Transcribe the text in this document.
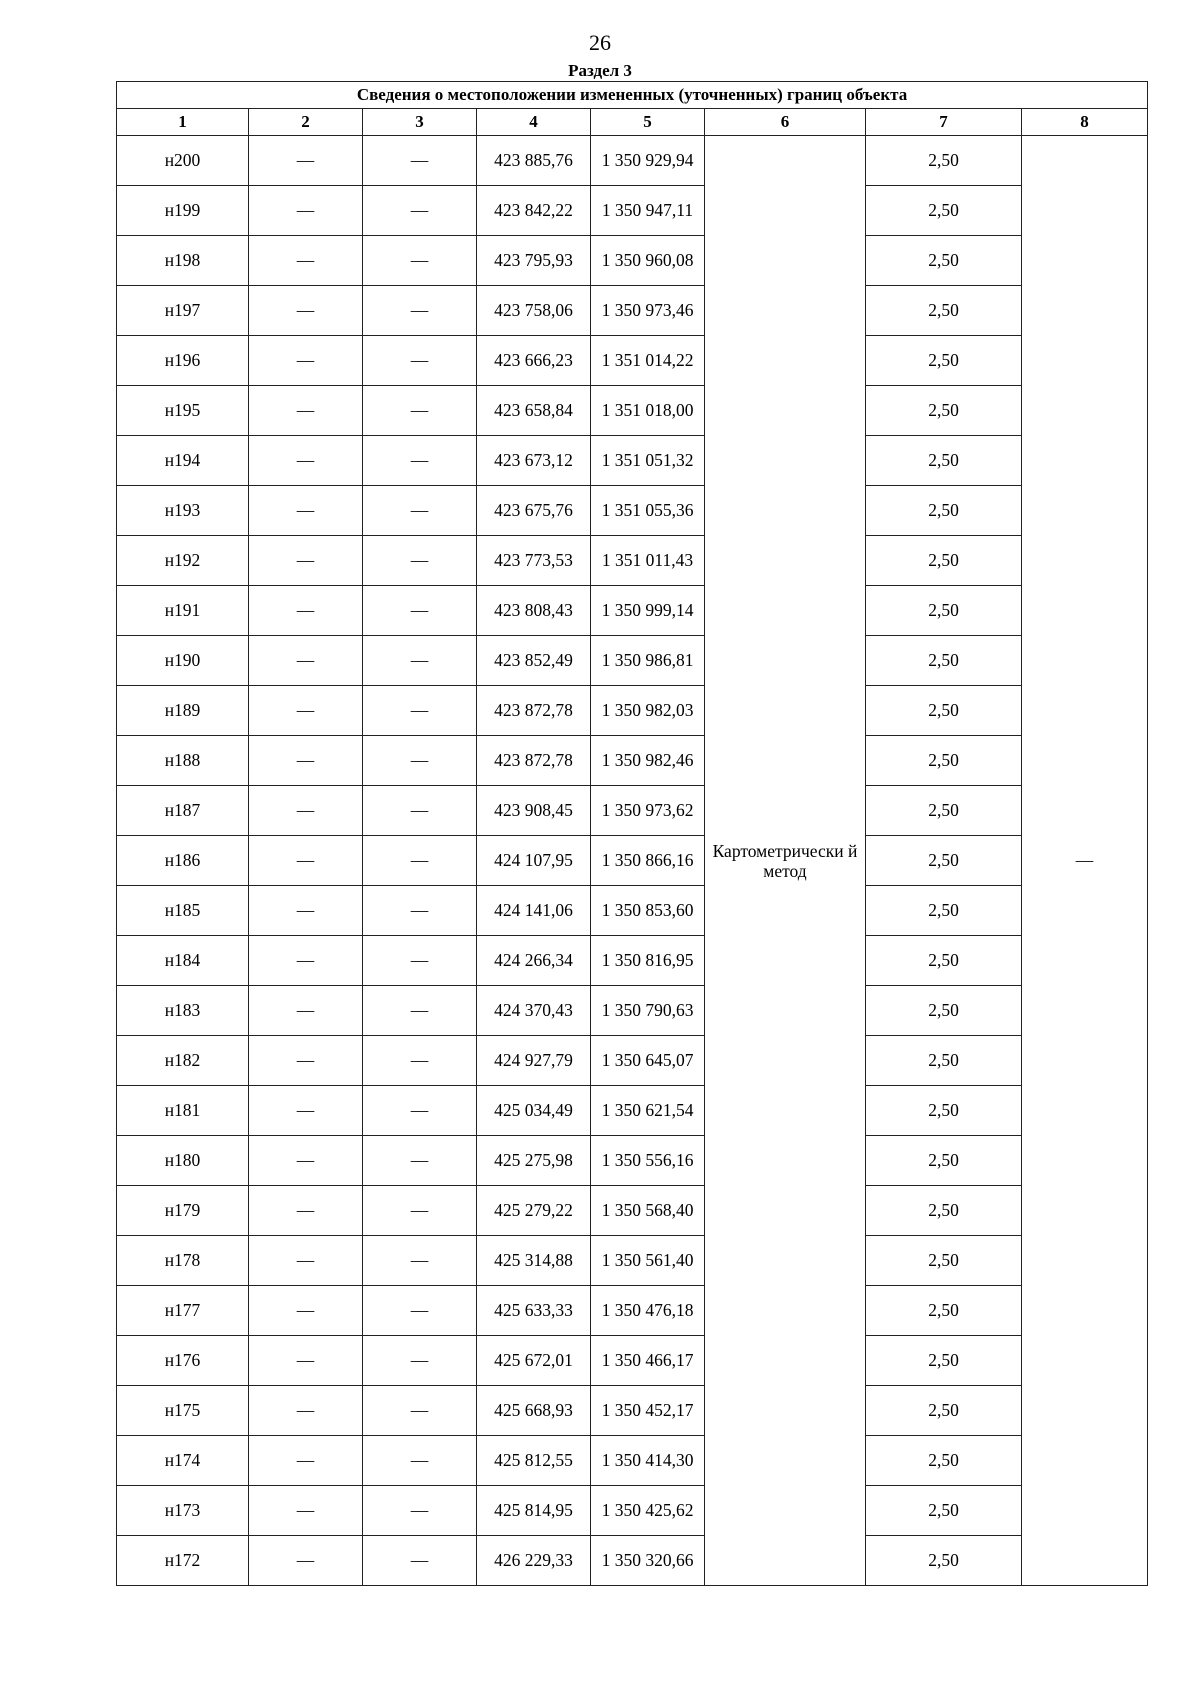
26
Раздел 3
Сведения о местоположении измененных (уточненных) границ объекта							
1	2	3	4	5	6	7	8
н200	—	—	423 885,76	1 350 929,94	Картометрически й метод	2,50	—
н199	—	—	423 842,22	1 350 947,11		2,50	
н198	—	—	423 795,93	1 350 960,08		2,50	
н197	—	—	423 758,06	1 350 973,46		2,50	
н196	—	—	423 666,23	1 351 014,22		2,50	
н195	—	—	423 658,84	1 351 018,00		2,50	
н194	—	—	423 673,12	1 351 051,32		2,50	
н193	—	—	423 675,76	1 351 055,36		2,50	
н192	—	—	423 773,53	1 351 011,43		2,50	
н191	—	—	423 808,43	1 350 999,14		2,50	
н190	—	—	423 852,49	1 350 986,81		2,50	
н189	—	—	423 872,78	1 350 982,03		2,50	
н188	—	—	423 872,78	1 350 982,46		2,50	
н187	—	—	423 908,45	1 350 973,62		2,50	
н186	—	—	424 107,95	1 350 866,16		2,50	
н185	—	—	424 141,06	1 350 853,60		2,50	
н184	—	—	424 266,34	1 350 816,95		2,50	
н183	—	—	424 370,43	1 350 790,63		2,50	
н182	—	—	424 927,79	1 350 645,07		2,50	
н181	—	—	425 034,49	1 350 621,54		2,50	
н180	—	—	425 275,98	1 350 556,16		2,50	
н179	—	—	425 279,22	1 350 568,40		2,50	
н178	—	—	425 314,88	1 350 561,40		2,50	
н177	—	—	425 633,33	1 350 476,18		2,50	
н176	—	—	425 672,01	1 350 466,17		2,50	
н175	—	—	425 668,93	1 350 452,17		2,50	
н174	—	—	425 812,55	1 350 414,30		2,50	
н173	—	—	425 814,95	1 350 425,62		2,50	
н172	—	—	426 229,33	1 350 320,66		2,50	
